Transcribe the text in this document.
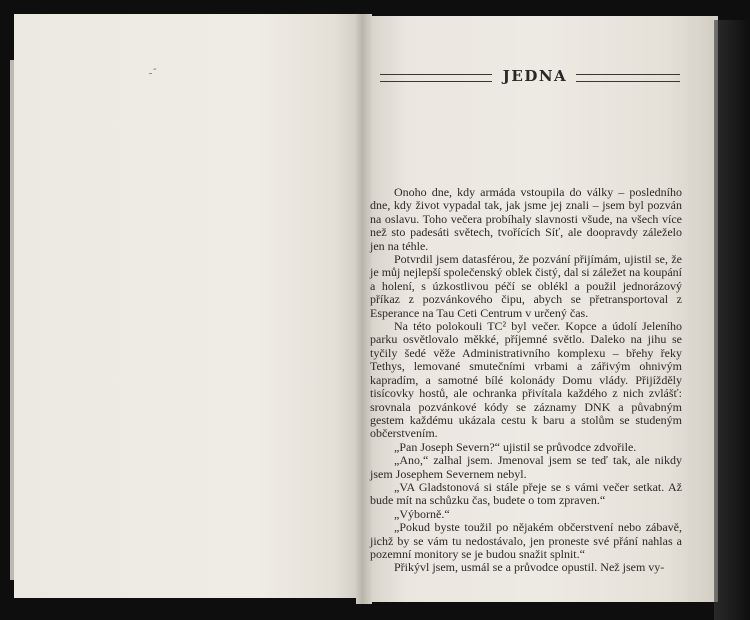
˷-	JEDNA

Onoho dne, kdy armáda vstoupila do války – posledního dne, kdy život vypadal tak, jak jsme jej znali – jsem byl pozván na oslavu. Toho večera probíhaly slavnosti všude, na všech více než sto padesáti světech, tvořících Síť, ale doopravdy záleželo jen na téhle.

Potvrdil jsem datasférou, že pozvání přijímám, ujistil se, že je můj nejlepší společenský oblek čistý, dal si záležet na koupání a holení, s úzkostlivou péčí se oblékl a použil jednorázový příkaz z pozvánkového čipu, abych se přetransportoval z Esperance na Tau Ceti Centrum v určený čas.

Na této polokouli TC² byl večer. Kopce a údolí Jeleního parku osvětlovalo měkké, příjemné světlo. Daleko na jihu se tyčily šedé věže Administrativního komplexu – břehy řeky Tethys, lemované smutečními vrbami a zářivým ohnivým kapradím, a samotné bílé kolonády Domu vlády. Přijížděly tisícovky hostů, ale ochranka přivítala každého z nich zvlášť: srovnala pozvánkové kódy se záznamy DNK a půvabným gestem každému ukázala cestu k baru a stolům se studeným občerstvením.

„Pan Joseph Severn?“ ujistil se průvodce zdvořile.

„Ano,“ zalhal jsem. Jmenoval jsem se teď tak, ale nikdy jsem Josephem Severnem nebyl.

„VA Gladstonová si stále přeje se s vámi večer setkat. Až bude mít na schůzku čas, budete o tom zpraven.“

„Výborně.“

„Pokud byste toužil po nějakém občerstvení nebo zábavě, jichž by se vám tu nedostávalo, jen proneste své přání nahlas a pozemní monitory se je budou snažit splnit.“

Přikývl jsem, usmál se a průvodce opustil. Než jsem vy-
